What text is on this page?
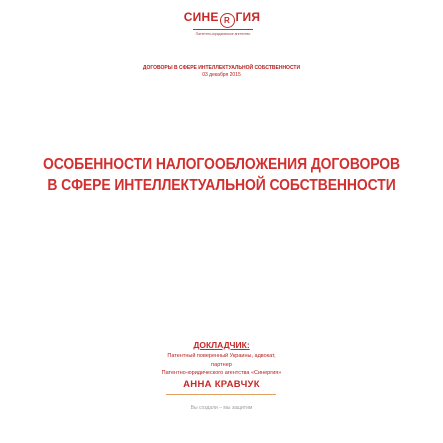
СИНЕ R ГИЯ
Патентно-юридическое агентство
ДОГОВОРЫ В СФЕРЕ ИНТЕЛЛЕКТУАЛЬНОЙ СОБСТВЕННОСТИ
03 декабря 2015
ОСОБЕННОСТИ НАЛОГООБЛОЖЕНИЯ ДОГОВОРОВ
В СФЕРЕ ИНТЕЛЛЕКТУАЛЬНОЙ СОБСТВЕННОСТИ
ДОКЛАДЧИК:
Патентный поверенный Украины, адвокат,
партнер
Патентно-юридического агентства «Синергия»
АННА КРАВЧУК
Вы создали – мы защитим
